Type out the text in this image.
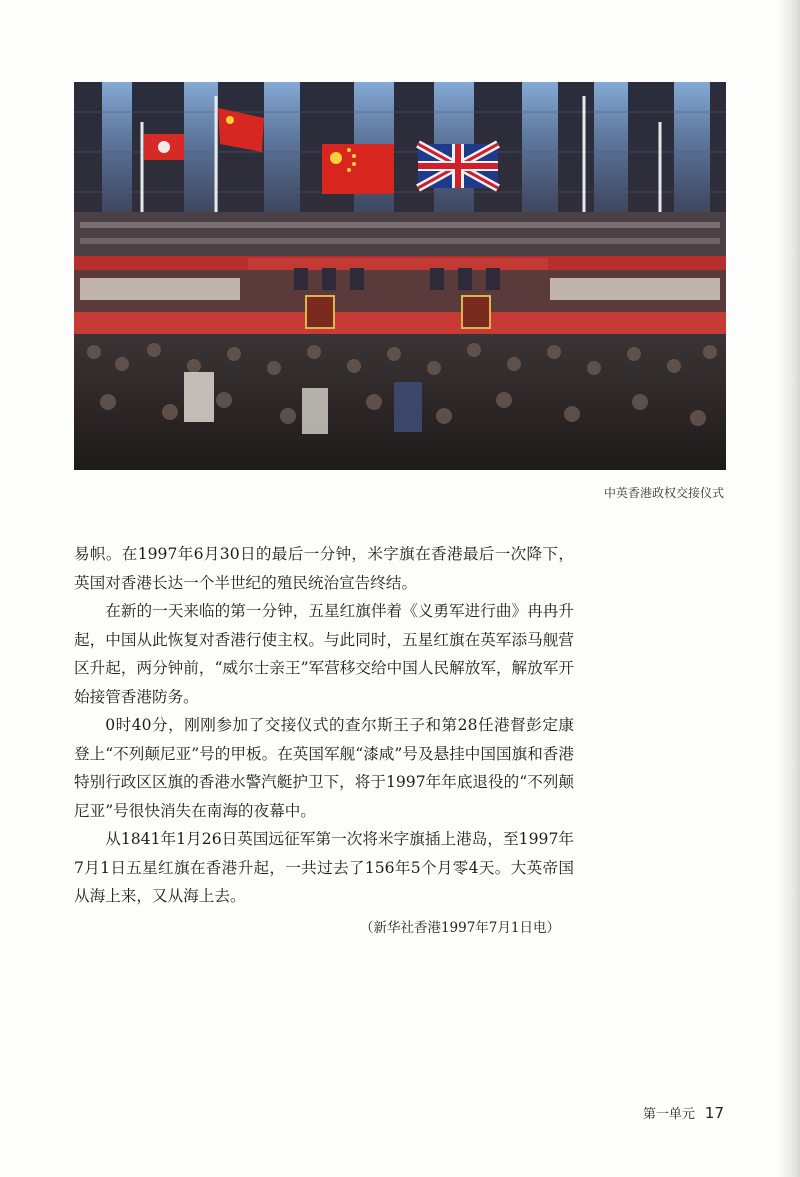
中英香港政权交接仪式

易帜。在1997年6月30日的最后一分钟，米字旗在香港最后一次降下，英国对香港长达一个半世纪的殖民统治宣告终结。

在新的一天来临的第一分钟，五星红旗伴着《义勇军进行曲》冉冉升起，中国从此恢复对香港行使主权。与此同时，五星红旗在英军添马舰营区升起，两分钟前，“威尔士亲王”军营移交给中国人民解放军，解放军开始接管香港防务。

0时40分，刚刚参加了交接仪式的查尔斯王子和第28任港督彭定康登上“不列颠尼亚”号的甲板。在英国军舰“漆咸”号及悬挂中国国旗和香港特别行政区区旗的香港水警汽艇护卫下，将于1997年年底退役的“不列颠尼亚”号很快消失在南海的夜幕中。

从1841年1月26日英国远征军第一次将米字旗插上港岛，至1997年7月1日五星红旗在香港升起，一共过去了156年5个月零4天。大英帝国从海上来，又从海上去。

（新华社香港1997年7月1日电）
第一单元 17
